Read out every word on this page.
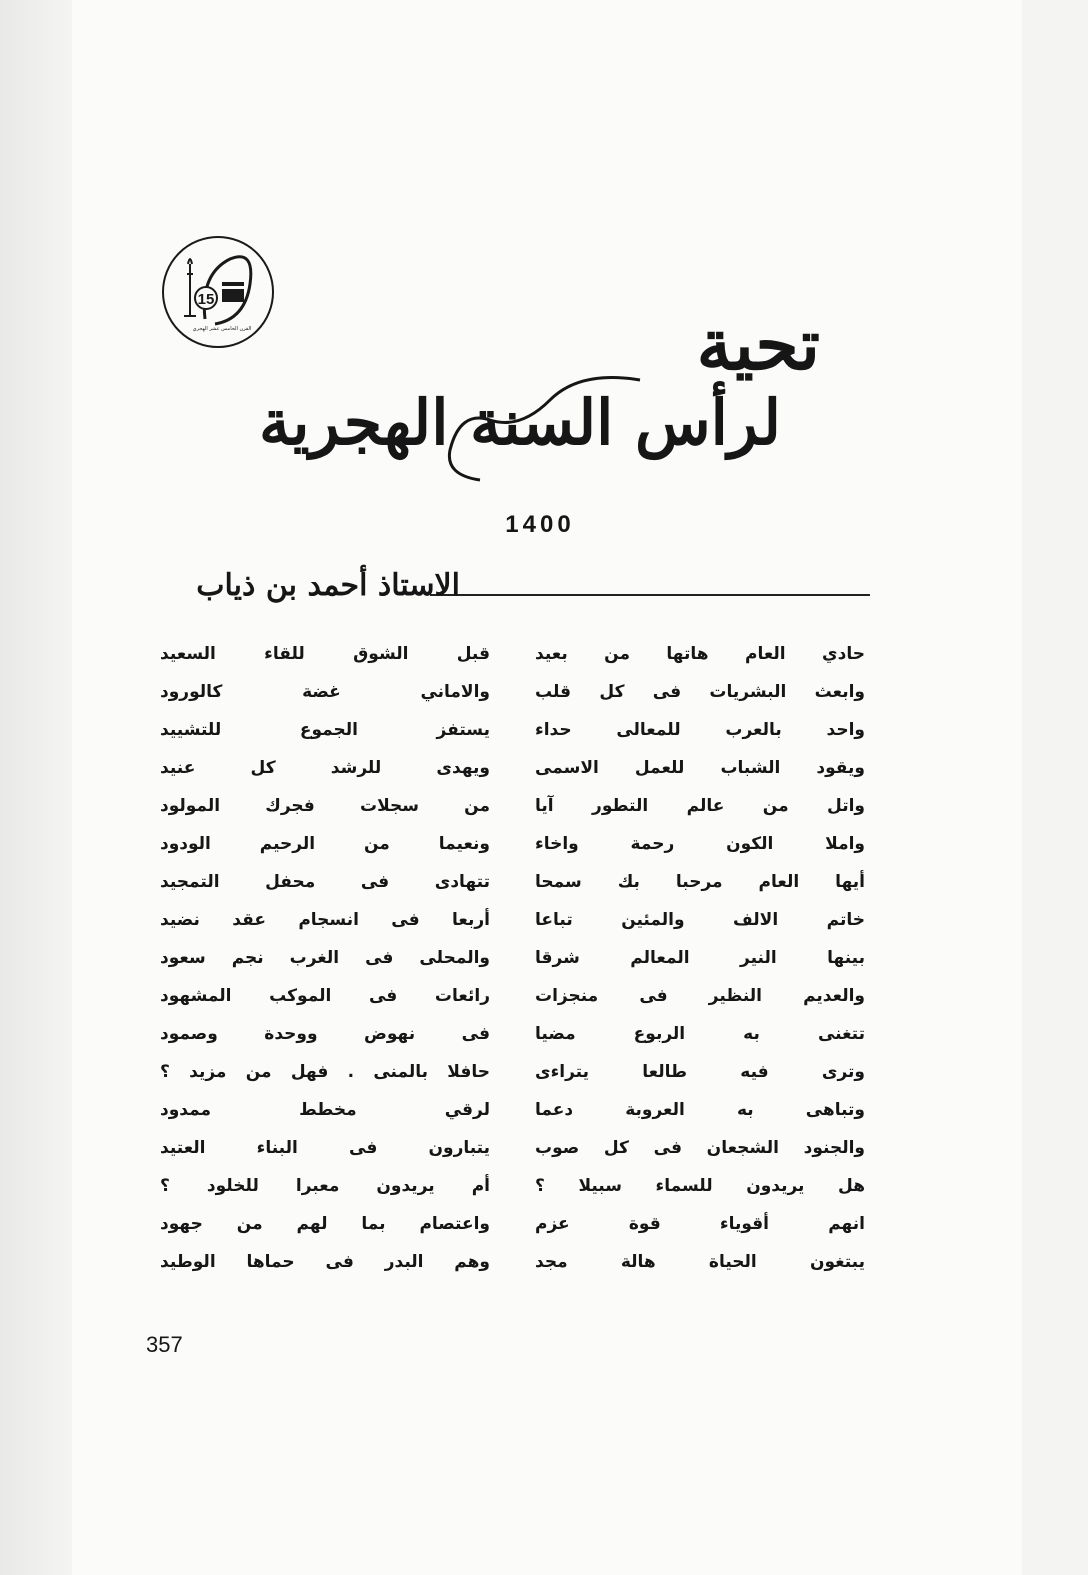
15
القرن الخامس عشر الهجري	تحية
لرأس السنة الهجرية
1400
الاستاذ أحمد بن ذياب
حادي العام هاتها من بعيد
وابعث البشريات فى كل قلب
واحد بالعرب للمعالى حداء
ويقود الشباب للعمل الاسمى
واتل من عالم التطور آيا
واملا الكون رحمة واخاء
أيها العام مرحبا بك سمحا
خاتم الالف والمئين تباعا
بينها النير المعالم شرقا
والعديم النظير فى منجزات
تتغنى به الربوع مضيا
وترى فيه طالعا يتراءى
وتباهى به العروبة دعما
والجنود الشجعان فى كل صوب
هل يريدون للسماء سبيلا ؟
انهم أقوياء قوة عزم
يبتغون الحياة هالة مجد
قبل الشوق للقاء السعيد
والاماني غضة كالورود
يستفز الجموع للتشييد
ويهدى للرشد كل عنيد
من سجلات فجرك المولود
ونعيما من الرحيم الودود
تتهادى فى محفل التمجيد
أربعا فى انسجام عقد نضيد
والمحلى فى الغرب نجم سعود
رائعات فى الموكب المشهود
فى نهوض ووحدة وصمود
حافلا بالمنى . فهل من مزيد ؟
لرقي مخطط ممدود
يتبارون فى البناء العتيد
أم يريدون معبرا للخلود ؟
واعتصام بما لهم من جهود
وهم البدر فى حماها الوطيد
357
